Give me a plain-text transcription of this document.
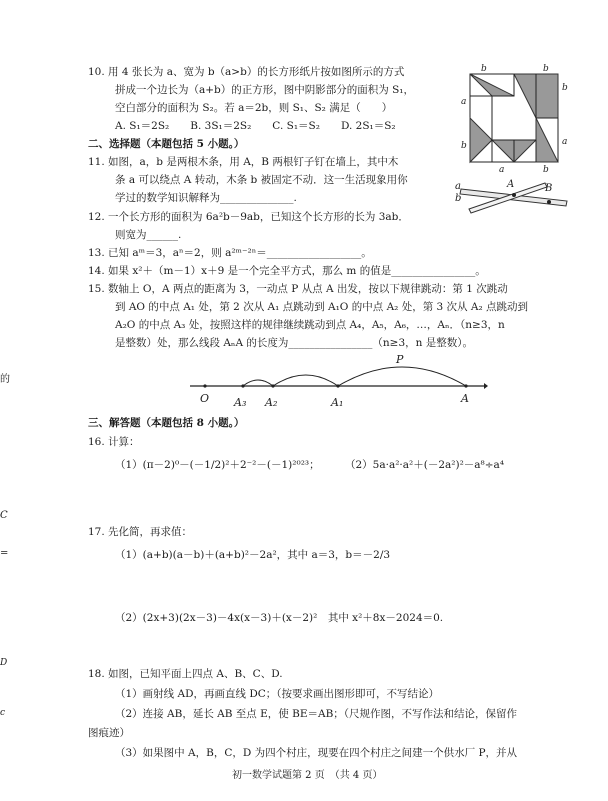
的
C
=
D
c
10. 用 4 张长为 a、宽为 b（a>b）的长方形纸片按如图所示的方式
拼成一个边长为（a+b）的正方形，图中阴影部分的面积为 S₁，
空白部分的面积为 S₂。若 a＝2b，则 S₁、S₂ 满足（　　）
A. S₁＝2S₂　　B. 3S₁＝2S₂　　C. S₁＝S₂　　D. 2S₁＝S₂
b	b
a
b
b
a
a	b
二、选择题（本题包括 5 小题。）
11. 如图，a，b 是两根木条，用 A，B 两根钉子钉在墙上，其中木
条 a 可以绕点 A 转动，木条 b 被固定不动．这一生活现象用你
学过的数学知识解释为______________.
a
b
A	B
12. 一个长方形的面积为 6a²b－9ab，已知这个长方形的长为 3ab．
则宽为______.
13. 已知 aᵐ＝3，aⁿ＝2，则 a²ᵐ⁻²ⁿ＝__________________。
14. 如果 x²＋（m－1）x＋9 是一个完全平方式，那么 m 的值是________________。
15. 数轴上 O，A 两点的距离为 3，一动点 P 从点 A 出发，按以下规律跳动：第 1 次跳动
到 AO 的中点 A₁ 处，第 2 次从 A₁ 点跳动到 A₁O 的中点 A₂ 处，第 3 次从 A₂ 点跳动到
A₂O 的中点 A₃ 处，按照这样的规律继续跳动到点 A₄，A₅，A₆，…，Aₙ．（n≥3，n
是整数）处，那么线段 AₙA 的长度为________________（n≥3，n 是整数）。
O A₃ A₂	A₁	A
P
三、解答题（本题包括 8 小题。）
16. 计算：
（1）(π－2)⁰－(－1/2)²＋2⁻²－(－1)²⁰²³； （2）5a·a²·a²＋(－2a²)²－a⁸÷a⁴
17. 先化简，再求值：
（1）(a+b)(a－b)＋(a+b)²－2a²，其中 a＝3，b＝－2/3
（2）(2x+3)(2x－3)－4x(x－3)＋(x－2)²　其中 x²＋8x－2024＝0.
18. 如图，已知平面上四点 A、B、C、D.
（1）画射线 AD，再画直线 DC；（按要求画出图形即可，不写结论）
（2）连接 AB，延长 AB 至点 E，使 BE＝AB；（尺规作图，不写作法和结论，保留作
图痕迹）
（3）如果图中 A，B，C，D 为四个村庄，现要在四个村庄之间建一个供水厂 P，并从
初一数学试题第 2 页　（共 4 页）
